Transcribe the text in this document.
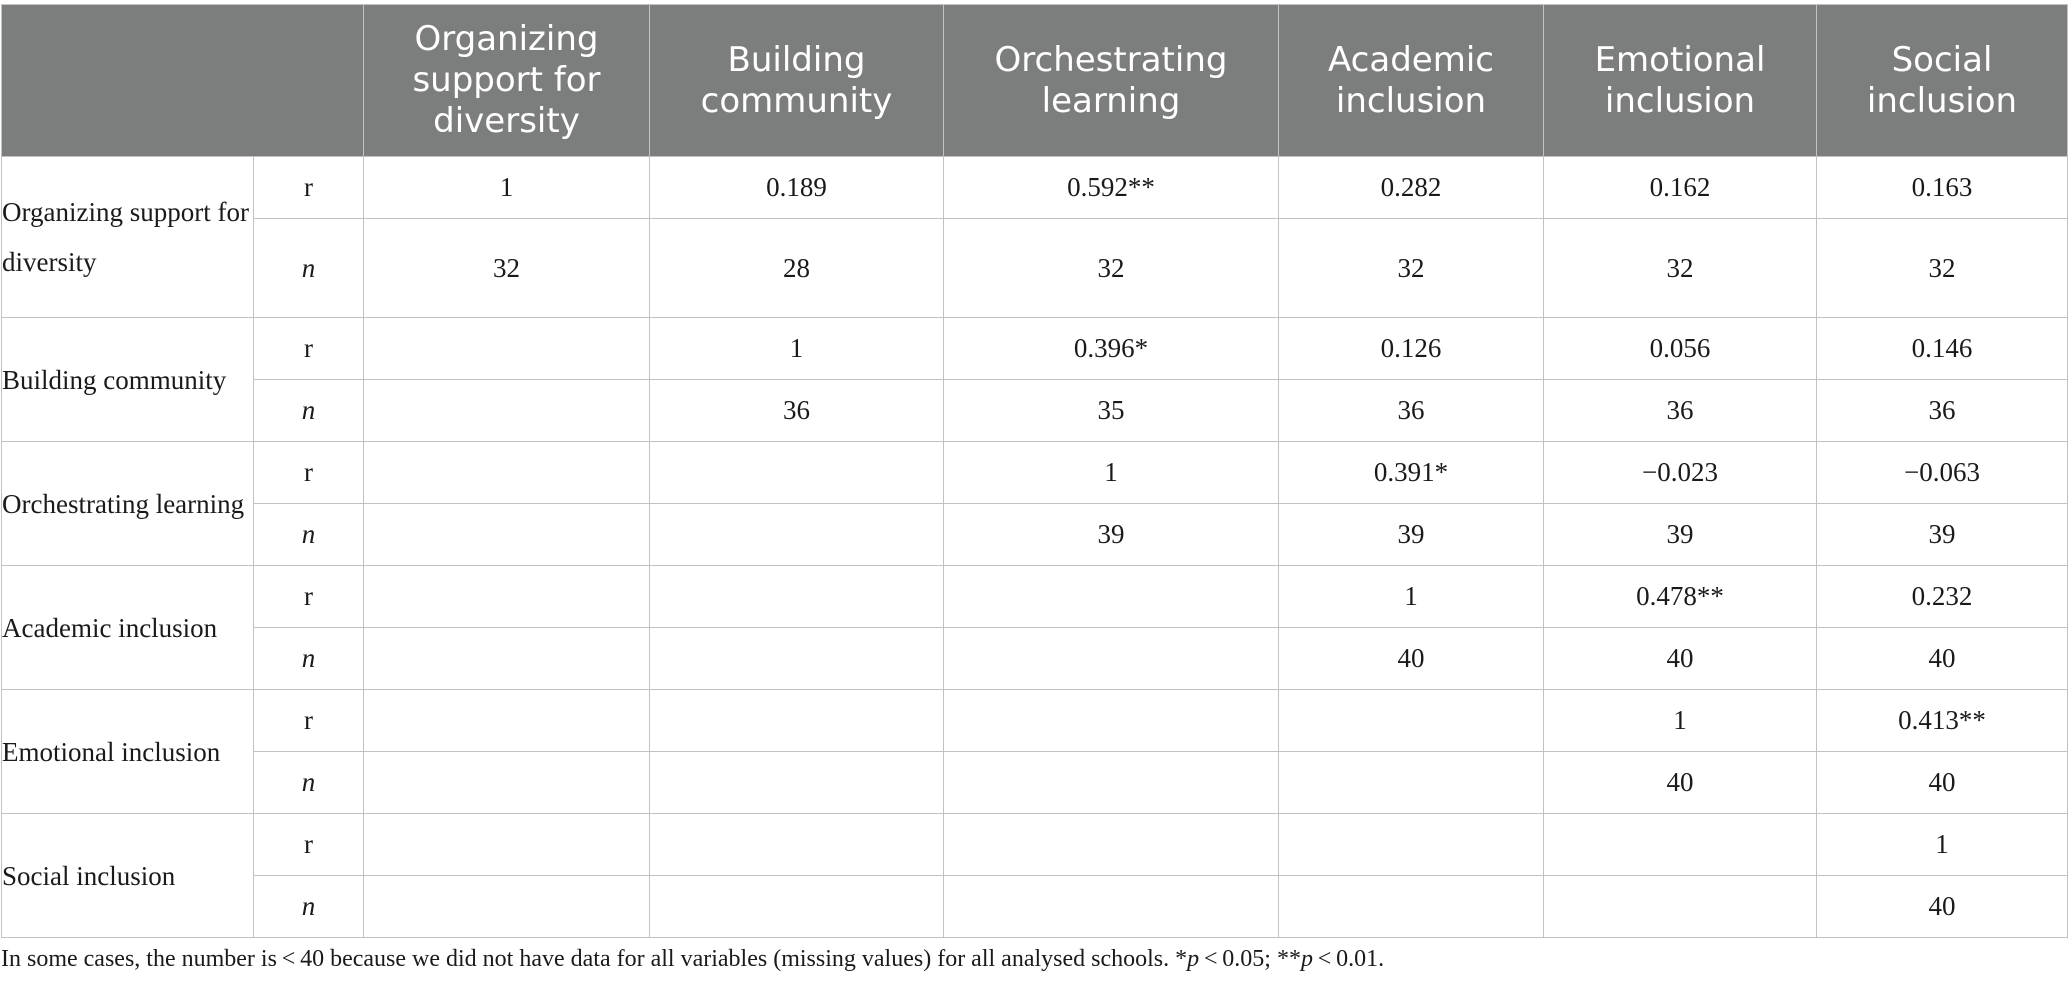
		Organizing support for diversity	Building community	Orchestrating learning	Academic inclusion	Emotional inclusion	Social inclusion
Organizing support for diversity	r	1	0.189	0.592**	0.282	0.162	0.163
	n	32	28	32	32	32	32
Building community	r		1	0.396*	0.126	0.056	0.146
	n		36	35	36	36	36
Orchestrating learning	r			1	0.391*	−0.023	−0.063
	n			39	39	39	39
Academic inclusion	r				1	0.478**	0.232
	n				40	40	40
Emotional inclusion	r					1	0.413**
	n					40	40
Social inclusion	r						1
	n						40
In some cases, the number is < 40 because we did not have data for all variables (missing values) for all analysed schools. *p < 0.05; **p < 0.01.
